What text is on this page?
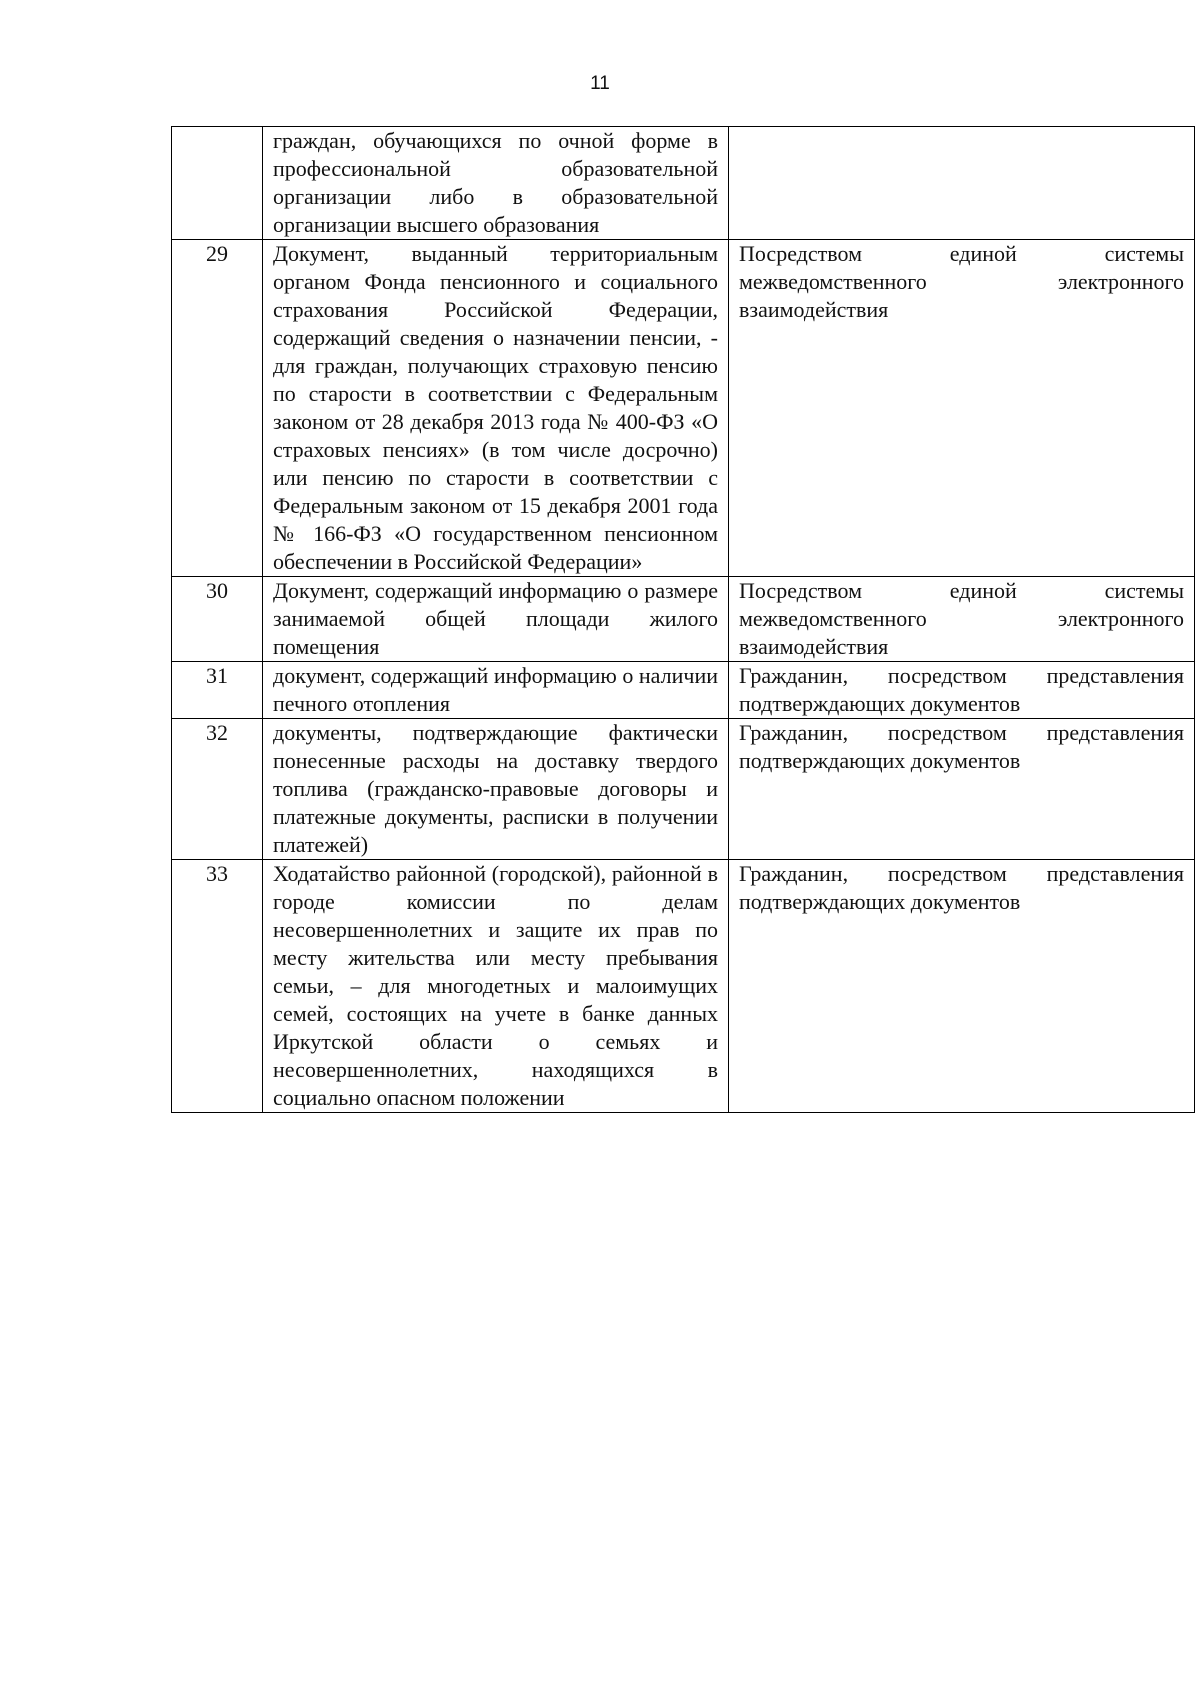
11
	граждан, обучающихся по очной форме в профессиональной образовательной организации либо в образовательной организации высшего образования	
29	Документ, выданный территориальным органом Фонда пенсионного и социального страхования Российской Федерации, содержащий сведения о назначении пенсии, - для граждан, получающих страховую пенсию по старости в соответствии с Федеральным законом от 28 декабря 2013 года № 400-ФЗ «О страховых пенсиях» (в том числе досрочно) или пенсию по старости в соответствии с Федеральным законом от 15 декабря 2001 года № 166-ФЗ «О государственном пенсионном обеспечении в Российской Федерации»	Посредством единой системы межведомственного электронного взаимодействия
30	Документ, содержащий информацию о размере занимаемой общей площади жилого помещения	Посредством единой системы межведомственного электронного взаимодействия
31	документ, содержащий информацию о наличии печного отопления	Гражданин, посредством представления подтверждающих документов
32	документы, подтверждающие фактически понесенные расходы на доставку твердого топлива (гражданско-правовые договоры и платежные документы, расписки в получении платежей)	Гражданин, посредством представления подтверждающих документов
33	Ходатайство районной (городской), районной в городе комиссии по делам несовершеннолетних и защите их прав по месту жительства или месту пребывания семьи, – для многодетных и малоимущих семей, состоящих на учете в банке данных Иркутской области о семьях и несовершеннолетних, находящихся в социально опасном положении	Гражданин, посредством представления подтверждающих документов
